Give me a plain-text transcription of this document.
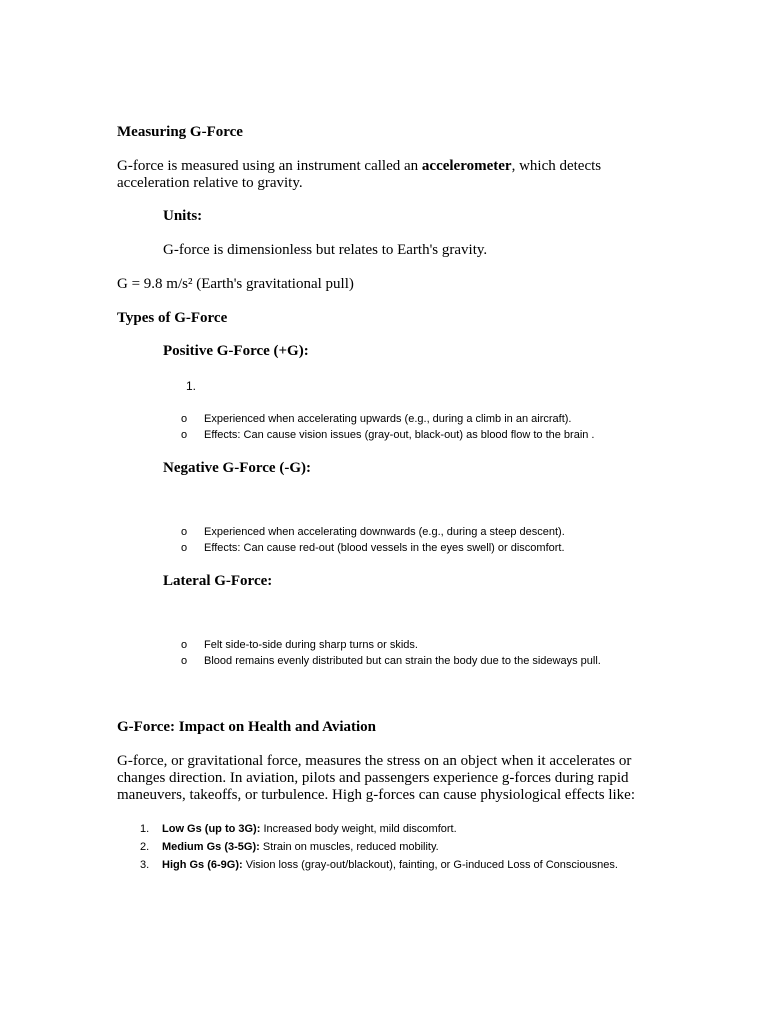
Measuring G-Force
G-force is measured using an instrument called an accelerometer, which detects
acceleration relative to gravity.
Units:
G-force is dimensionless but relates to Earth's gravity.
G = 9.8 m/s² (Earth's gravitational pull)
Types of G-Force
Positive G-Force (+G):
1.
o Experienced when accelerating upwards (e.g., during a climb in an aircraft).
o Effects: Can cause vision issues (gray-out, black-out) as blood flow to the brain .
Negative G-Force (-G):
o Experienced when accelerating downwards (e.g., during a steep descent).
o Effects: Can cause red-out (blood vessels in the eyes swell) or discomfort.
Lateral G-Force:
o Felt side-to-side during sharp turns or skids.
o Blood remains evenly distributed but can strain the body due to the sideways pull.
G-Force: Impact on Health and Aviation
G-force, or gravitational force, measures the stress on an object when it accelerates or
changes direction. In aviation, pilots and passengers experience g-forces during rapid
maneuvers, takeoffs, or turbulence. High g-forces can cause physiological effects like:
1. Low Gs (up to 3G): Increased body weight, mild discomfort.
2. Medium Gs (3-5G): Strain on muscles, reduced mobility.
3. High Gs (6-9G): Vision loss (gray-out/blackout), fainting, or G-induced Loss of Consciousnes.
